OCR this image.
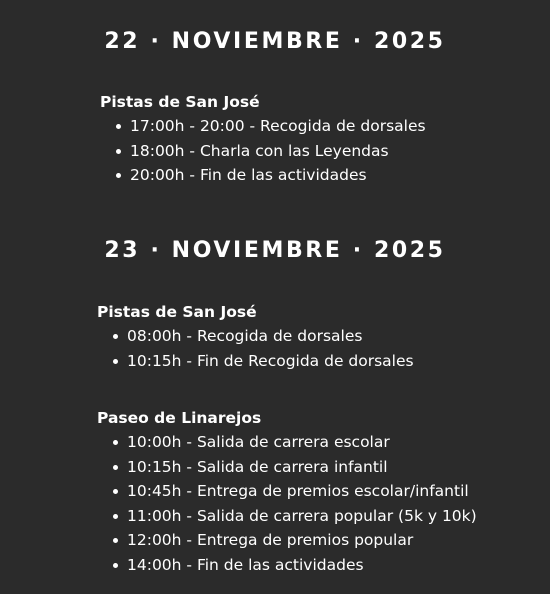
22 · NOVIEMBRE · 2025
Pistas de San José
17:00h - 20:00 - Recogida de dorsales
18:00h - Charla con las Leyendas
20:00h - Fin de las actividades
23 · NOVIEMBRE · 2025
Pistas de San José
08:00h - Recogida de dorsales
10:15h - Fin de Recogida de dorsales
Paseo de Linarejos
10:00h - Salida de carrera escolar
10:15h - Salida de carrera infantil
10:45h - Entrega de premios escolar/infantil
11:00h - Salida de carrera popular (5k y 10k)
12:00h - Entrega de premios popular
14:00h - Fin de las actividades
